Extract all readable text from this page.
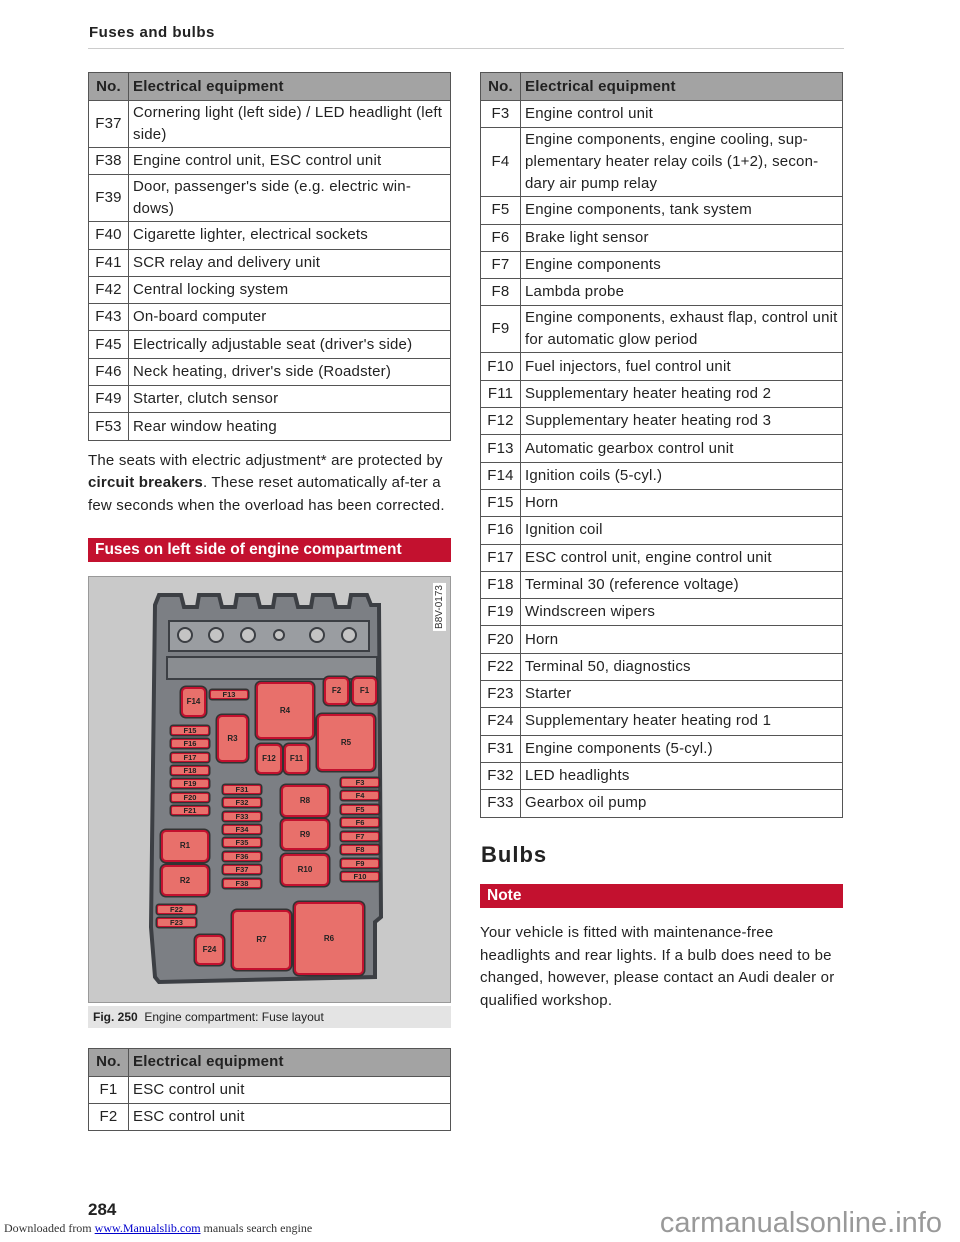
Fuses and bulbs
No.	Electrical equipment
F37	Cornering light (left side) / LED headlight (left side)
F38	Engine control unit, ESC control unit
F39	Door, passenger's side (e.g. electric win-dows)
F40	Cigarette lighter, electrical sockets
F41	SCR relay and delivery unit
F42	Central locking system
F43	On-board computer
F45	Electrically adjustable seat (driver's side)
F46	Neck heating, driver's side (Roadster)
F49	Starter, clutch sensor
F53	Rear window heating

The seats with electric adjustment* are protected by circuit breakers. These reset automatically af-ter a few seconds when the overload has been corrected.

Fuses on left side of engine compartment
B8V-0173
F14
F13
R4
F2	F1
R3	R5
F12	F11
F15
F16
F17
F18
F19
F20
F21
F31
F32
F33
F34
F35
F36
F37
F38
R8
R9
R10
F3
F4
F5
F6
F7
F8
F9
F10
R1
R2
F22
F23
F24
R7	R6
Fig. 250 Engine compartment: Fuse layout
No.	Electrical equipment
F1	ESC control unit
F2	ESC control unit
No.	Electrical equipment
F3	Engine control unit
F4	Engine components, engine cooling, sup-plementary heater relay coils (1+2), secon-dary air pump relay
F5	Engine components, tank system
F6	Brake light sensor
F7	Engine components
F8	Lambda probe
F9	Engine components, exhaust flap, control unit for automatic glow period
F10	Fuel injectors, fuel control unit
F11	Supplementary heater heating rod 2
F12	Supplementary heater heating rod 3
F13	Automatic gearbox control unit
F14	Ignition coils (5-cyl.)
F15	Horn
F16	Ignition coil
F17	ESC control unit, engine control unit
F18	Terminal 30 (reference voltage)
F19	Windscreen wipers
F20	Horn
F22	Terminal 50, diagnostics
F23	Starter
F24	Supplementary heater heating rod 1
F31	Engine components (5-cyl.)
F32	LED headlights
F33	Gearbox oil pump
Bulbs
Note

Your vehicle is fitted with maintenance-free headlights and rear lights. If a bulb does need to be changed, however, please contact an Audi dealer or qualified workshop.

284
Downloaded from www.Manualslib.com manuals search engine	carmanualsonline.info
